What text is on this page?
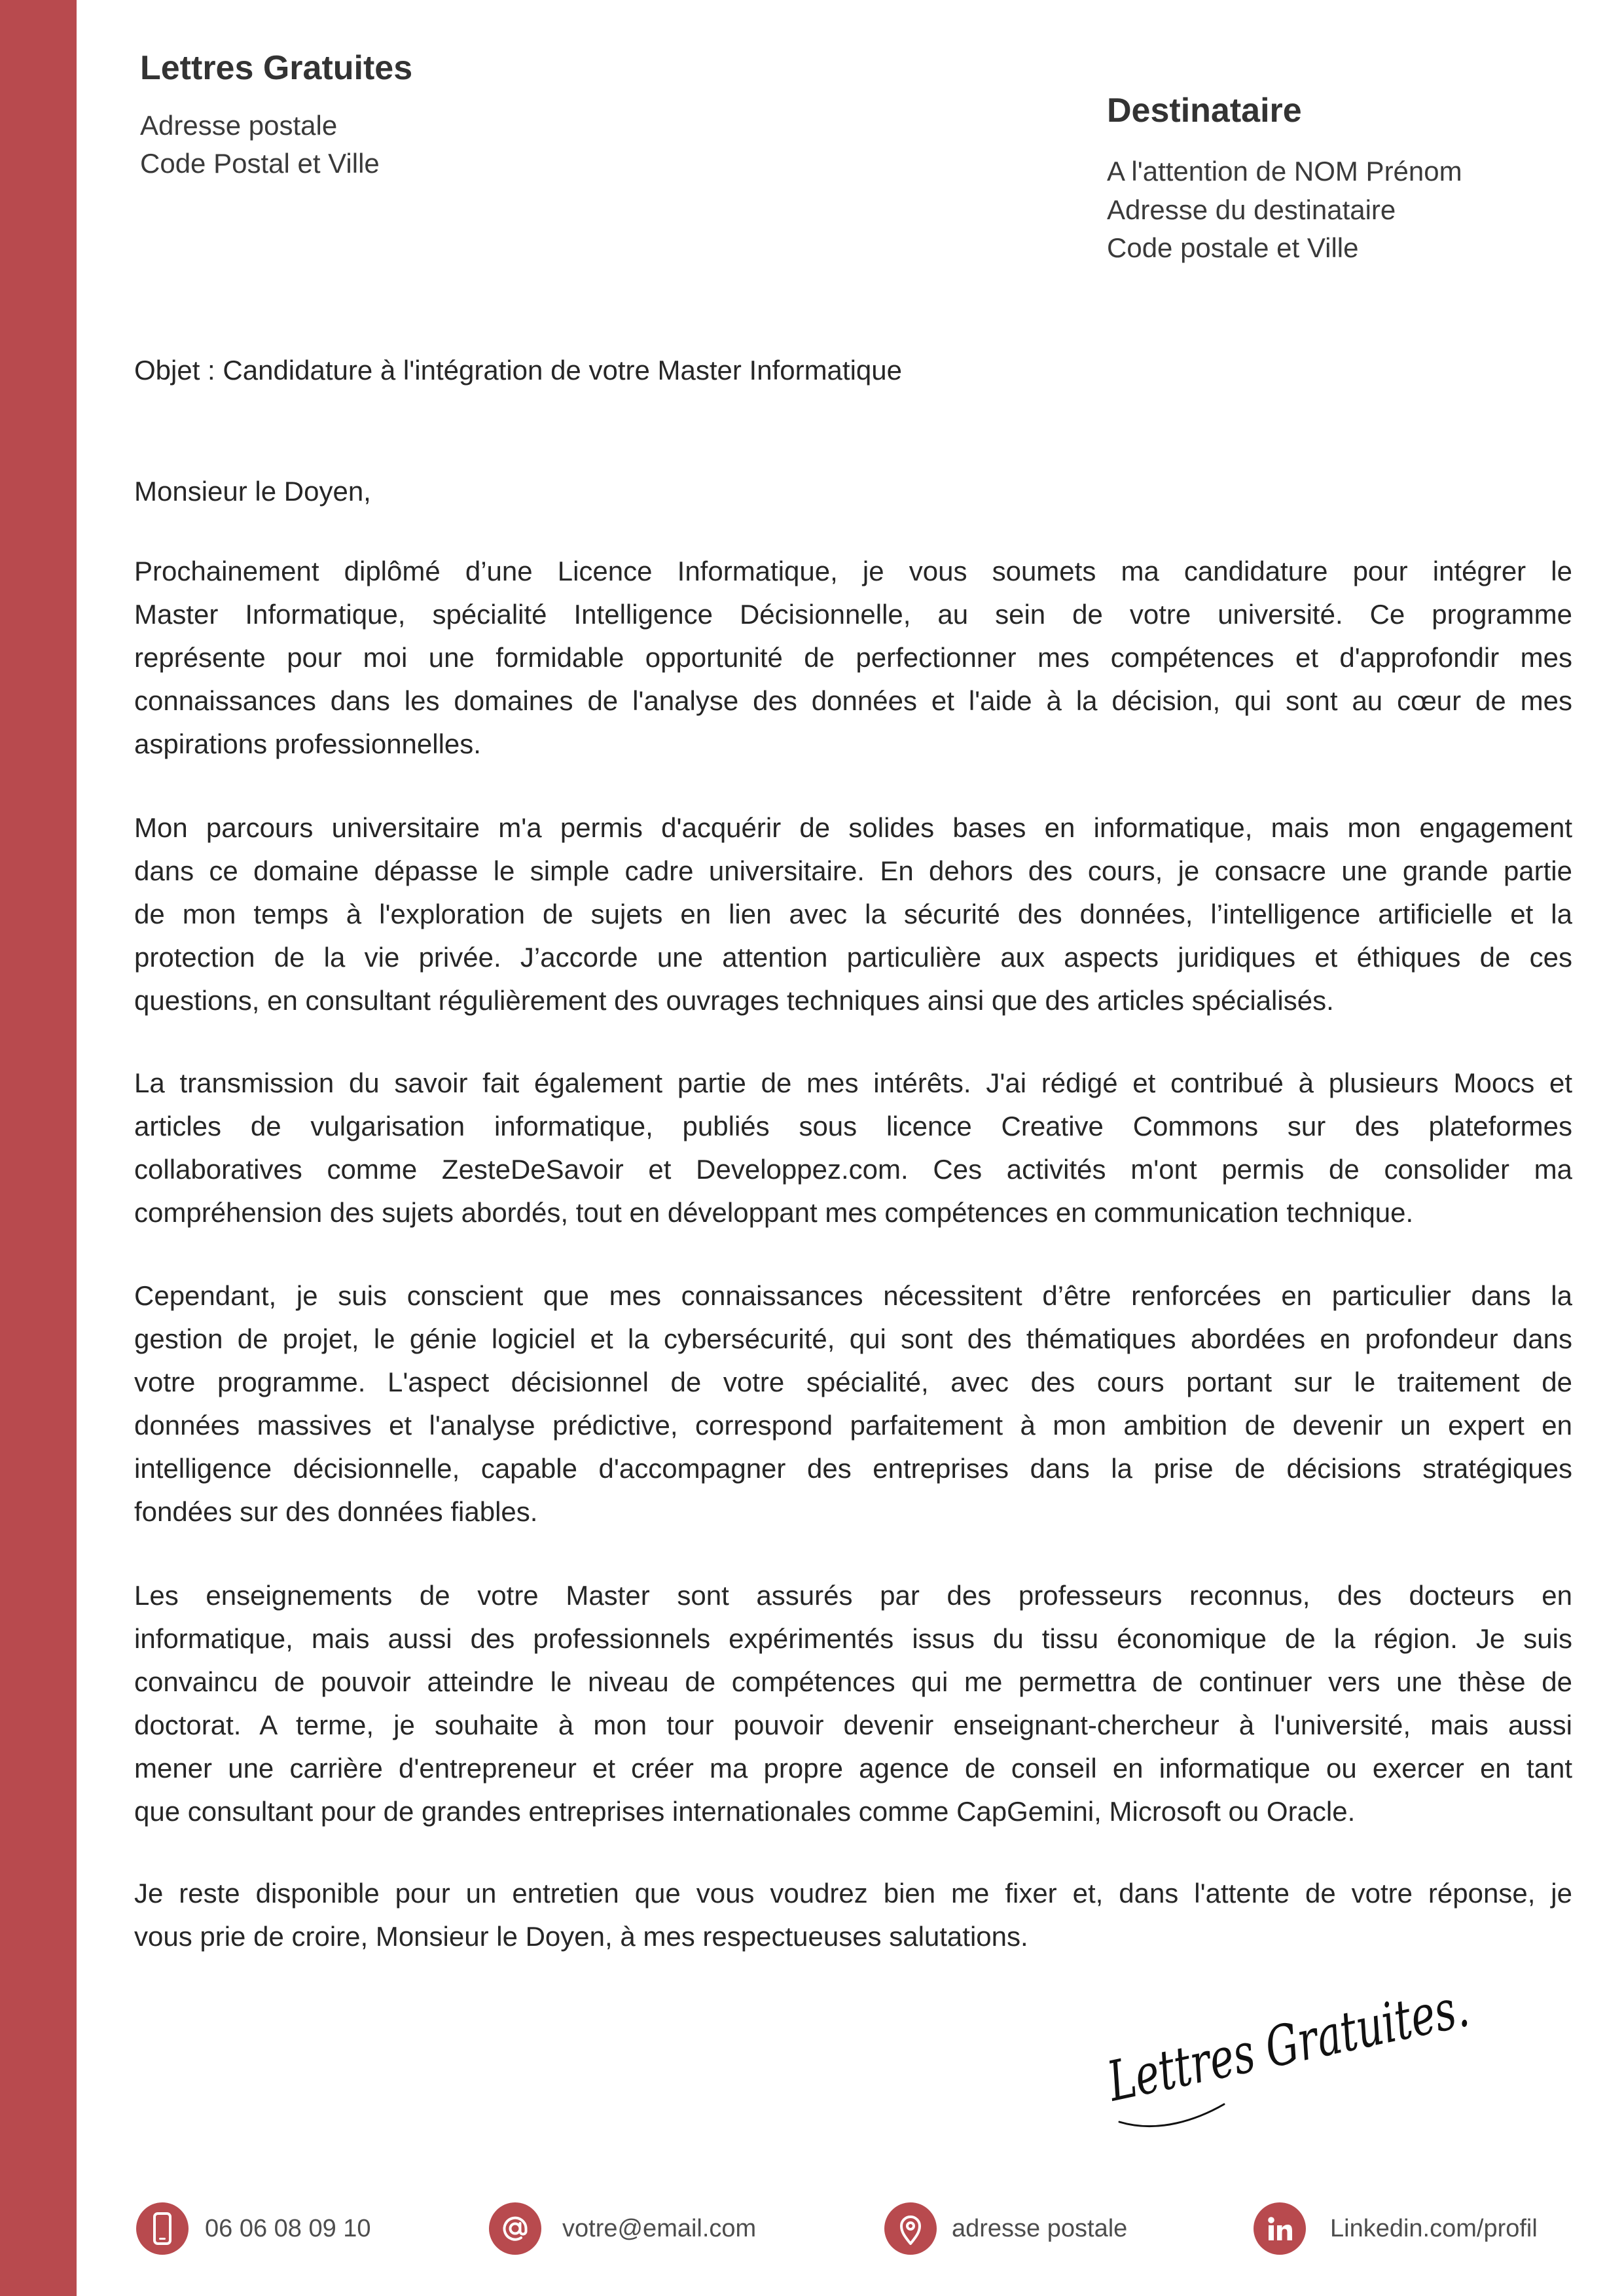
Lettres Gratuites
Adresse postale
Code Postal et Ville
Destinataire
A l'attention de NOM Prénom
Adresse du destinataire
Code postale et Ville
Objet : Candidature à l'intégration de votre Master Informatique
Monsieur le Doyen,
Prochainement diplômé d’une Licence Informatique, je vous soumets ma candidature pour intégrer le
Master Informatique, spécialité Intelligence Décisionnelle, au sein de votre université. Ce programme
représente pour moi une formidable opportunité de perfectionner mes compétences et d'approfondir mes
connaissances dans les domaines de l'analyse des données et l'aide à la décision, qui sont au cœur de mes
aspirations professionnelles.
Mon parcours universitaire m'a permis d'acquérir de solides bases en informatique, mais mon engagement
dans ce domaine dépasse le simple cadre universitaire. En dehors des cours, je consacre une grande partie
de mon temps à l'exploration de sujets en lien avec la sécurité des données, l’intelligence artificielle et la
protection de la vie privée. J’accorde une attention particulière aux aspects juridiques et éthiques de ces
questions, en consultant régulièrement des ouvrages techniques ainsi que des articles spécialisés.
La transmission du savoir fait également partie de mes intérêts. J'ai rédigé et contribué à plusieurs Moocs et
articles de vulgarisation informatique, publiés sous licence Creative Commons sur des plateformes
collaboratives comme ZesteDeSavoir et Developpez.com. Ces activités m'ont permis de consolider ma
compréhension des sujets abordés, tout en développant mes compétences en communication technique.
Cependant, je suis conscient que mes connaissances nécessitent d’être renforcées en particulier dans la
gestion de projet, le génie logiciel et la cybersécurité, qui sont des thématiques abordées en profondeur dans
votre programme. L'aspect décisionnel de votre spécialité, avec des cours portant sur le traitement de
données massives et l'analyse prédictive, correspond parfaitement à mon ambition de devenir un expert en
intelligence décisionnelle, capable d'accompagner des entreprises dans la prise de décisions stratégiques
fondées sur des données fiables.
Les enseignements de votre Master sont assurés par des professeurs reconnus, des docteurs en
informatique, mais aussi des professionnels expérimentés issus du tissu économique de la région. Je suis
convaincu de pouvoir atteindre le niveau de compétences qui me permettra de continuer vers une thèse de
doctorat. A terme, je souhaite à mon tour pouvoir devenir enseignant-chercheur à l'université, mais aussi
mener une carrière d'entrepreneur et créer ma propre agence de conseil en informatique ou exercer en tant
que consultant pour de grandes entreprises internationales comme CapGemini, Microsoft ou Oracle.
Je reste disponible pour un entretien que vous voudrez bien me fixer et, dans l'attente de votre réponse, je
vous prie de croire, Monsieur le Doyen, à mes respectueuses salutations.
Lettres Gratuites.
06 06 08 09 10	votre@email.com	adresse postale	Linkedin.com/profil
